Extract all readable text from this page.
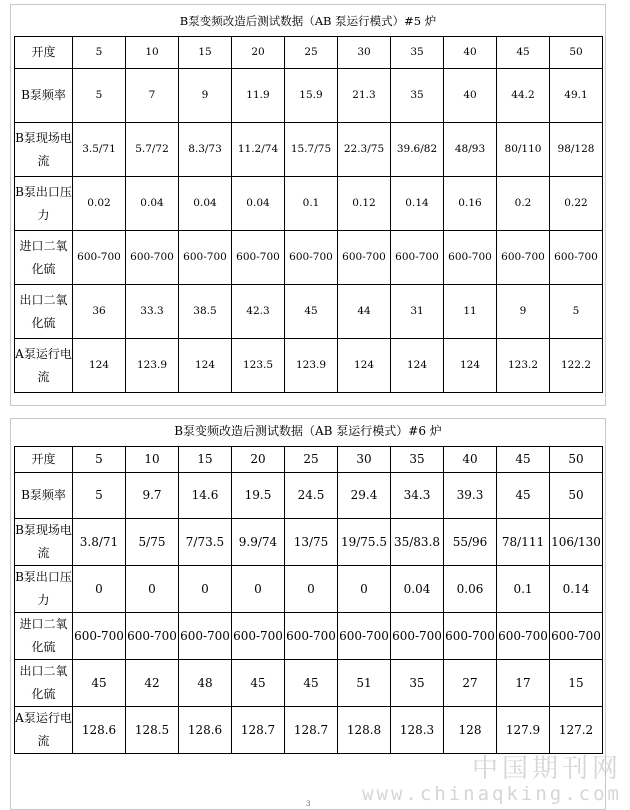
B泵变频改造后测试数据（AB 泵运行模式）#5 炉
开度	5	10	15	20	25	30	35	40	45	50
B泵频率	5	7	9	11.9	15.9	21.3	35	40	44.2	49.1
B泵现场电流	3.5/71	5.7/72	8.3/73	11.2/74	15.7/75	22.3/75	39.6/82	48/93	80/110	98/128
B泵出口压力	0.02	0.04	0.04	0.04	0.1	0.12	0.14	0.16	0.2	0.22
进口二氧化硫	600-700	600-700	600-700	600-700	600-700	600-700	600-700	600-700	600-700	600-700
出口二氧化硫	36	33.3	38.5	42.3	45	44	31	11	9	5
A泵运行电流	124	123.9	124	123.5	123.9	124	124	124	123.2	122.2
B泵变频改造后测试数据（AB 泵运行模式）#6 炉
开度	5	10	15	20	25	30	35	40	45	50
B泵频率	5	9.7	14.6	19.5	24.5	29.4	34.3	39.3	45	50
B泵现场电流	3.8/71	5/75	7/73.5	9.9/74	13/75	19/75.5	35/83.8	55/96	78/111	106/130
B泵出口压力	0	0	0	0	0	0	0.04	0.06	0.1	0.14
进口二氧化硫	600-700	600-700	600-700	600-700	600-700	600-700	600-700	600-700	600-700	600-700
出口二氧化硫	45	42	48	45	45	51	35	27	17	15
A泵运行电流	128.6	128.5	128.6	128.7	128.7	128.8	128.3	128	127.9	127.2
中国期刊网
www.chinaqking.com
3
